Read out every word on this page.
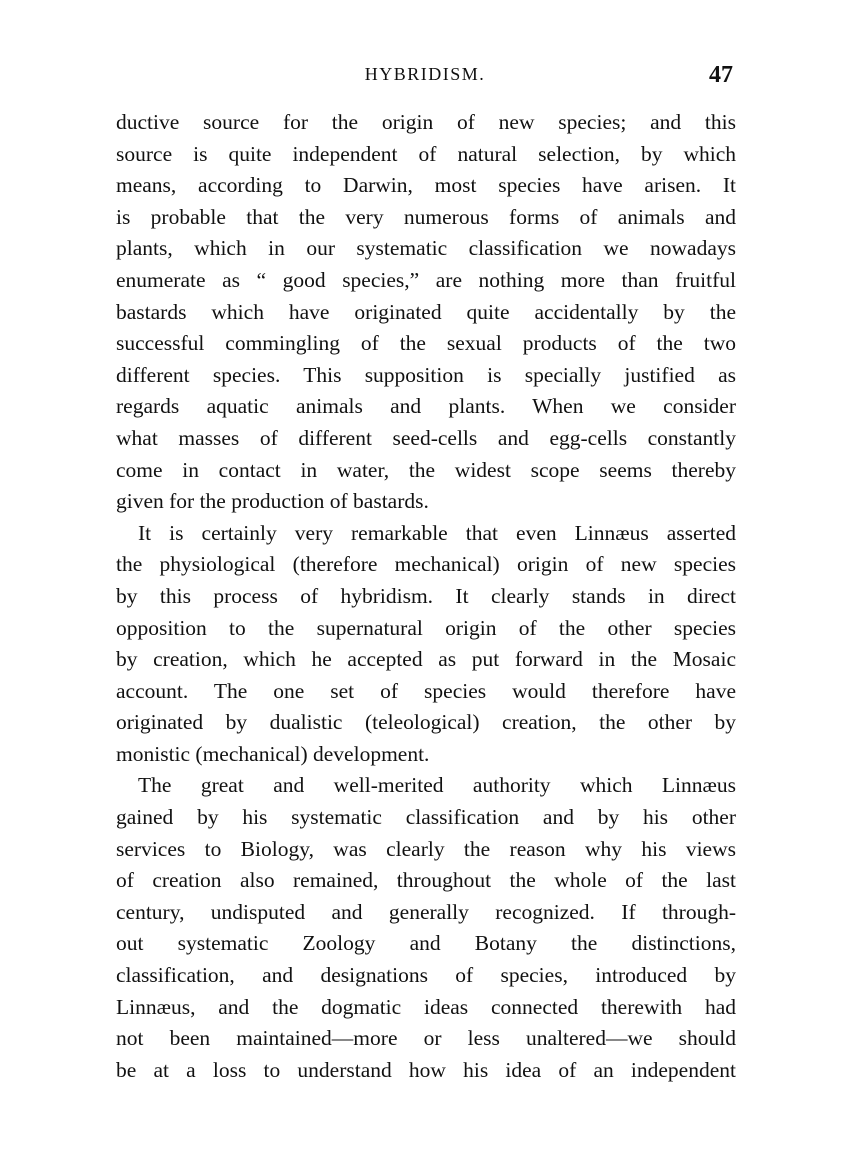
HYBRIDISM.	47
ductive source for the origin of new species; and this
source is quite independent of natural selection, by which
means, according to Darwin, most species have arisen. It
is probable that the very numerous forms of animals and
plants, which in our systematic classification we nowadays
enumerate as “ good species,” are nothing more than fruitful
bastards which have originated quite accidentally by the
successful commingling of the sexual products of the two
different species. This supposition is specially justified as
regards aquatic animals and plants. When we consider
what masses of different seed-cells and egg-cells constantly
come in contact in water, the widest scope seems thereby
given for the production of bastards.
It is certainly very remarkable that even Linnæus asserted
the physiological (therefore mechanical) origin of new species
by this process of hybridism. It clearly stands in direct
opposition to the supernatural origin of the other species
by creation, which he accepted as put forward in the Mosaic
account. The one set of species would therefore have
originated by dualistic (teleological) creation, the other by
monistic (mechanical) development.
The great and well-merited authority which Linnæus
gained by his systematic classification and by his other
services to Biology, was clearly the reason why his views
of creation also remained, throughout the whole of the last
century, undisputed and generally recognized. If through-
out systematic Zoology and Botany the distinctions,
classification, and designations of species, introduced by
Linnæus, and the dogmatic ideas connected therewith had
not been maintained—more or less unaltered—we should
be at a loss to understand how his idea of an independent
